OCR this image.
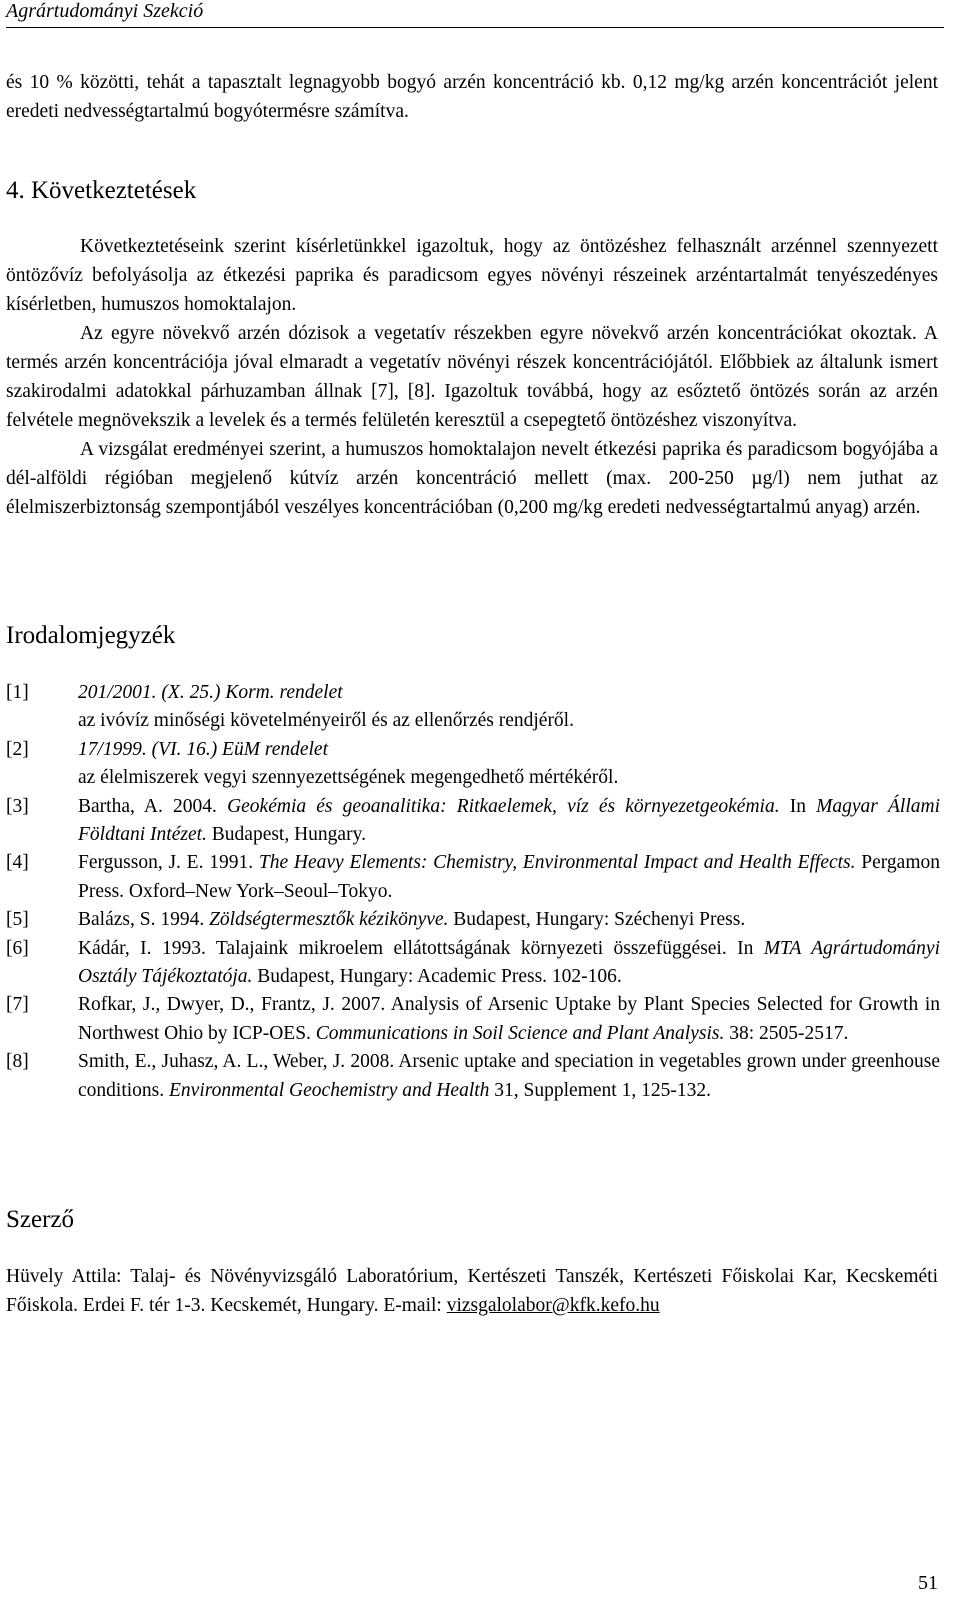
Agrártudományi Szekció

és 10 % közötti, tehát a tapasztalt legnagyobb bogyó arzén koncentráció kb. 0,12 mg/kg arzén koncentrációt jelent eredeti nedvességtartalmú bogyótermésre számítva.

4. Következtetések

Következtetéseink szerint kísérletünkkel igazoltuk, hogy az öntözéshez felhasznált arzénnel szennyezett öntözővíz befolyásolja az étkezési paprika és paradicsom egyes növényi részeinek arzéntartalmát tenyészedényes kísérletben, humuszos homoktalajon.

Az egyre növekvő arzén dózisok a vegetatív részekben egyre növekvő arzén koncentrációkat okoztak. A termés arzén koncentrációja jóval elmaradt a vegetatív növényi részek koncentrációjától. Előbbiek az általunk ismert szakirodalmi adatokkal párhuzamban állnak [7], [8]. Igazoltuk továbbá, hogy az esőztető öntözés során az arzén felvétele megnövekszik a levelek és a termés felületén keresztül a csepegtető öntözéshez viszonyítva.

A vizsgálat eredményei szerint, a humuszos homoktalajon nevelt étkezési paprika és paradicsom bogyójába a dél-alföldi régióban megjelenő kútvíz arzén koncentráció mellett (max. 200-250 µg/l) nem juthat az élelmiszerbiztonság szempontjából veszélyes koncentrációban (0,200 mg/kg eredeti nedvességtartalmú anyag) arzén.

Irodalomjegyzék
[1]	201/2001. (X. 25.) Korm. rendelet
az ivóvíz minőségi követelményeiről és az ellenőrzés rendjéről.
[2]	17/1999. (VI. 16.) EüM rendelet
az élelmiszerek vegyi szennyezettségének megengedhető mértékéről.
[3]	Bartha, A. 2004. Geokémia és geoanalitika: Ritkaelemek, víz és környezetgeokémia. In Magyar Állami Földtani Intézet. Budapest, Hungary.
[4]	Fergusson, J. E. 1991. The Heavy Elements: Chemistry, Environmental Impact and Health Effects. Pergamon Press. Oxford–New York–Seoul–Tokyo.
[5]	Balázs, S. 1994. Zöldségtermesztők kézikönyve. Budapest, Hungary: Széchenyi Press.
[6]	Kádár, I. 1993. Talajaink mikroelem ellátottságának környezeti összefüggései. In MTA Agrártudományi Osztály Tájékoztatója. Budapest, Hungary: Academic Press. 102-106.
[7]	Rofkar, J., Dwyer, D., Frantz, J. 2007. Analysis of Arsenic Uptake by Plant Species Selected for Growth in Northwest Ohio by ICP-OES. Communications in Soil Science and Plant Analysis. 38: 2505-2517.
[8]	Smith, E., Juhasz, A. L., Weber, J. 2008. Arsenic uptake and speciation in vegetables grown under greenhouse conditions. Environmental Geochemistry and Health 31, Supplement 1, 125-132.
Szerző

Hüvely Attila: Talaj- és Növényvizsgáló Laboratórium, Kertészeti Tanszék, Kertészeti Főiskolai Kar, Kecskeméti Főiskola. Erdei F. tér 1-3. Kecskemét, Hungary. E-mail: vizsgalolabor@kfk.kefo.hu

51
